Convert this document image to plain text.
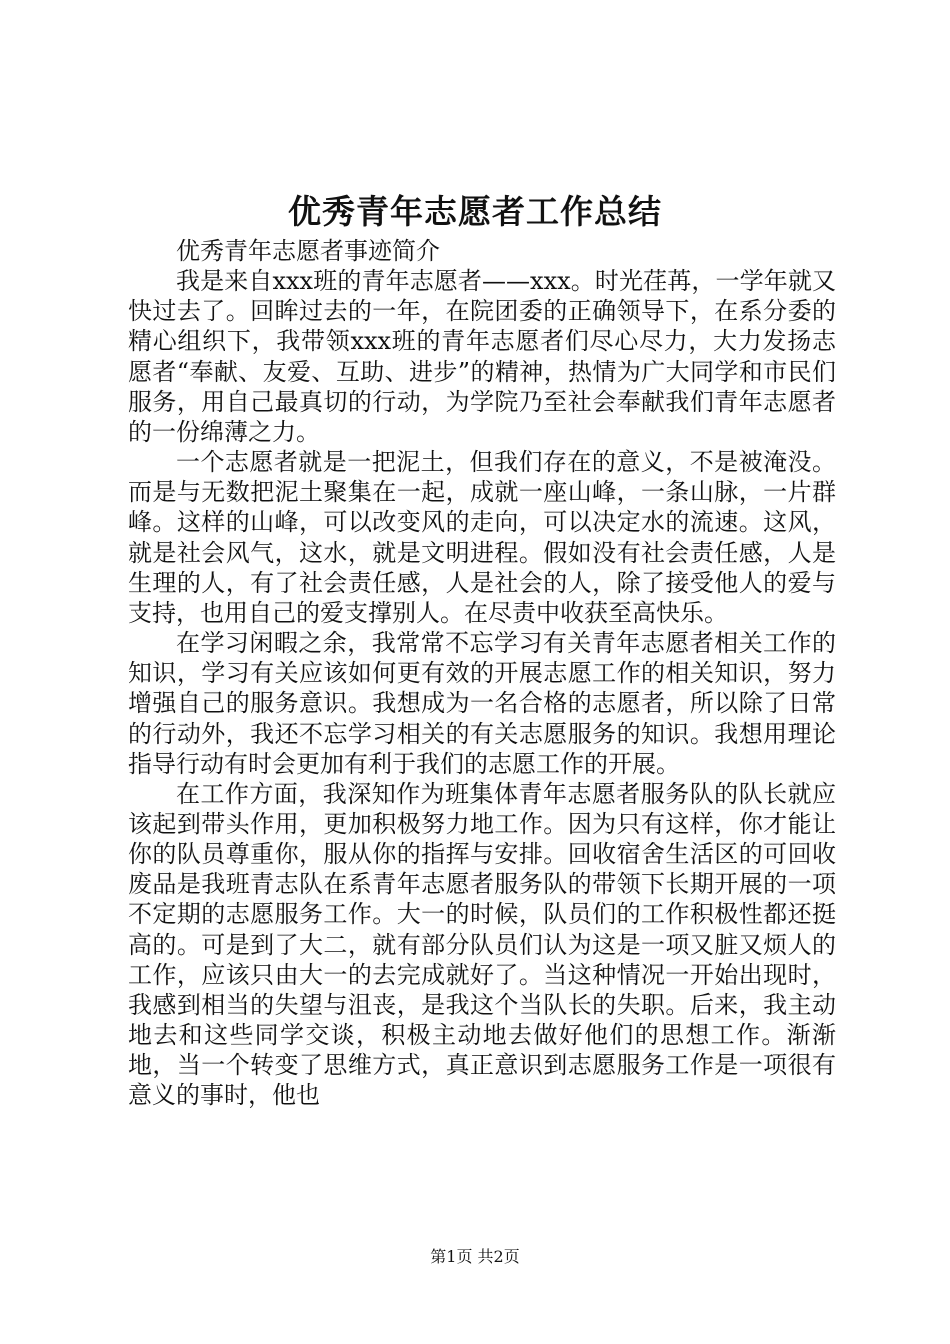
优秀青年志愿者工作总结
优秀青年志愿者事迹简介

我是来自xxx班的青年志愿者——xxx。时光荏苒，一学年就又快过去了。回眸过去的一年，在院团委的正确领导下，在系分委的精心组织下，我带领xxx班的青年志愿者们尽心尽力，大力发扬志愿者“奉献、友爱、互助、进步”的精神，热情为广大同学和市民们服务，用自己最真切的行动，为学院乃至社会奉献我们青年志愿者的一份绵薄之力。

一个志愿者就是一把泥土，但我们存在的意义，不是被淹没。而是与无数把泥土聚集在一起，成就一座山峰，一条山脉，一片群峰。这样的山峰，可以改变风的走向，可以决定水的流速。这风，就是社会风气，这水，就是文明进程。假如没有社会责任感，人是生理的人，有了社会责任感，人是社会的人，除了接受他人的爱与支持，也用自己的爱支撑别人。在尽责中收获至高快乐。

在学习闲暇之余，我常常不忘学习有关青年志愿者相关工作的知识，学习有关应该如何更有效的开展志愿工作的相关知识，努力增强自己的服务意识。我想成为一名合格的志愿者，所以除了日常的行动外，我还不忘学习相关的有关志愿服务的知识。我想用理论指导行动有时会更加有利于我们的志愿工作的开展。

在工作方面，我深知作为班集体青年志愿者服务队的队长就应该起到带头作用，更加积极努力地工作。因为只有这样，你才能让你的队员尊重你，服从你的指挥与安排。回收宿舍生活区的可回收废品是我班青志队在系青年志愿者服务队的带领下长期开展的一项不定期的志愿服务工作。大一的时候，队员们的工作积极性都还挺高的。可是到了大二，就有部分队员们认为这是一项又脏又烦人的工作，应该只由大一的去完成就好了。当这种情况一开始出现时，我感到相当的失望与沮丧，是我这个当队长的失职。后来，我主动地去和这些同学交谈，积极主动地去做好他们的思想工作。渐渐地，当一个转变了思维方式，真正意识到志愿服务工作是一项很有意义的事时，他也

第1页 共2页
